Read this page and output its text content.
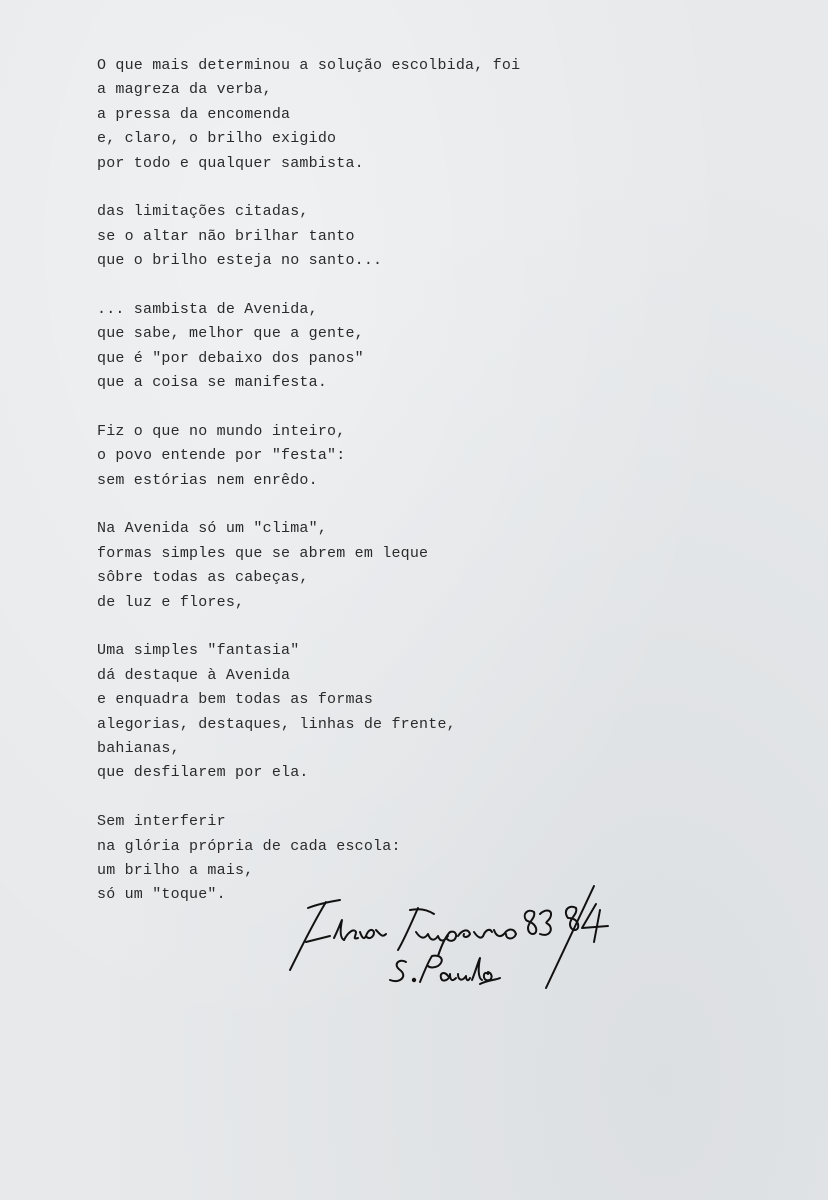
O que mais determinou a solução escolbida, foi
a magreza da verba,
a pressa da encomenda
e, claro, o brilho exigido
por todo e qualquer sambista.
das limitações citadas,
se o altar não brilhar tanto
que o brilho esteja no santo...
... sambista de Avenida,
que sabe, melhor que a gente,
que é "por debaixo dos panos"
que a coisa se manifesta.
Fiz o que no mundo inteiro,
o povo entende por "festa":
sem estórias nem enrêdo.
Na Avenida só um "clima",
formas simples que se abrem em leque
sôbre todas as cabeças,
de luz e flores,
Uma simples "fantasia"
dá destaque à Avenida
e enquadra bem todas as formas
alegorias, destaques, linhas de frente,
bahianas,
que desfilarem por ela.
Sem interferir
na glória própria de cada escola:
um brilho a mais,
só um "toque".
